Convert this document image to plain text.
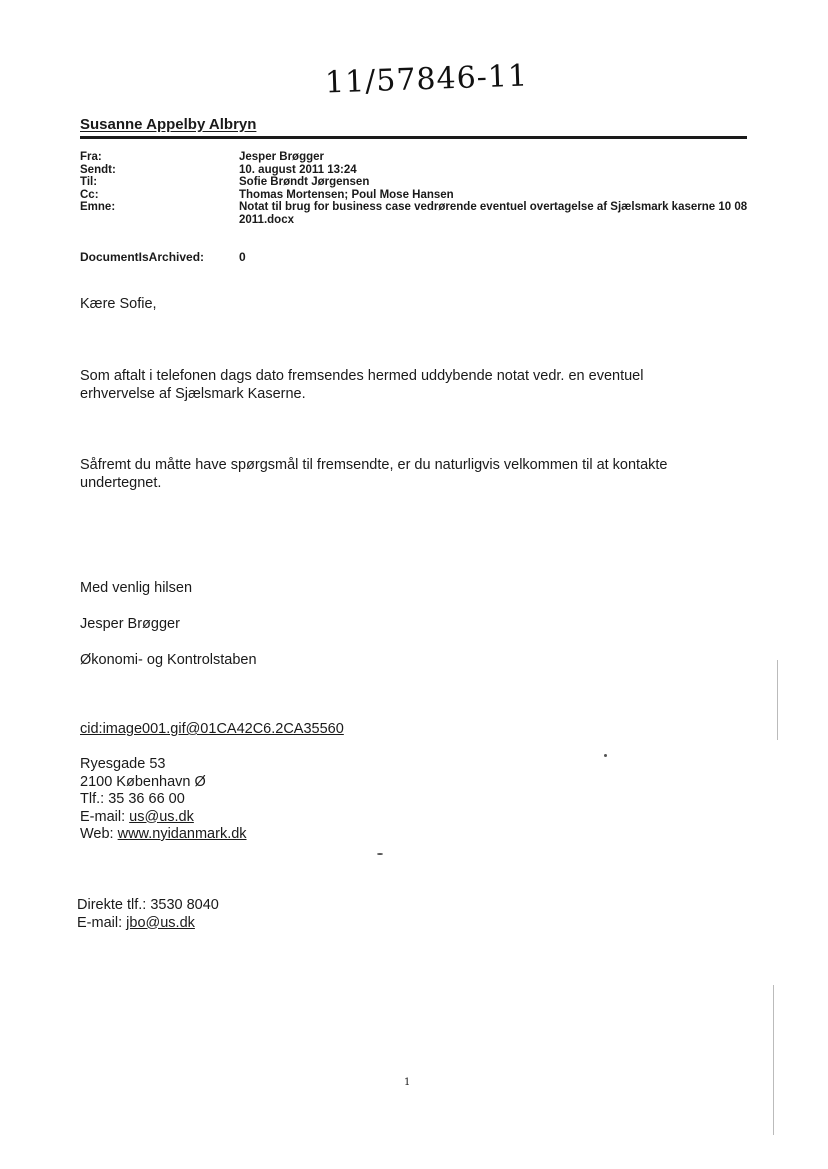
11/57846-11
Susanne Appelby Albryn
Fra:	Jesper Brøgger
Sendt:	10. august 2011 13:24
Til:	Sofie Brøndt Jørgensen
Cc:	Thomas Mortensen; Poul Mose Hansen
Emne:	Notat til brug for business case vedrørende eventuel overtagelse af Sjælsmark kaserne 10 08 2011.docx
DocumentIsArchived:	0
Kære Sofie,
Som aftalt i telefonen dags dato fremsendes hermed uddybende notat vedr. en eventuel erhvervelse af Sjælsmark Kaserne.
Såfremt du måtte have spørgsmål til fremsendte, er du naturligvis velkommen til at kontakte undertegnet.
Med venlig hilsen
Jesper Brøgger
Økonomi- og Kontrolstaben
cid:image001.gif@01CA42C6.2CA35560
Ryesgade 53
2100 København Ø
Tlf.: 35 36 66 00
E-mail: us@us.dk
Web: www.nyidanmark.dk
Direkte tlf.: 3530 8040
E-mail: jbo@us.dk
1
